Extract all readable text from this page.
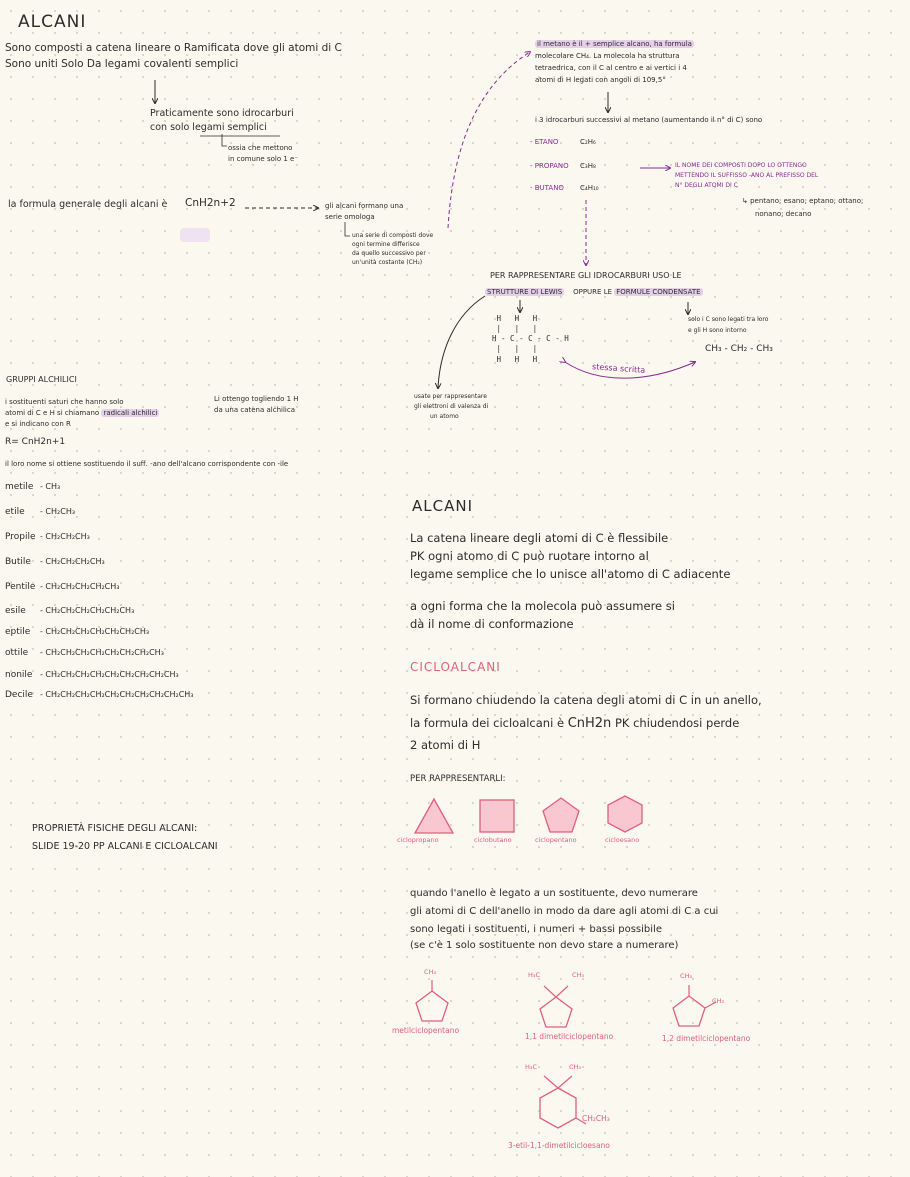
ALCANI
Sono composti a catena lineare o Ramificata dove gli atomi di C
Sono uniti Solo Da legami covalenti semplici
Praticamente sono idrocarburi
con solo legami semplici
ossia che mettono
in comune solo 1 e⁻
la formula generale degli alcani è CnH2n+2	gli alcani formano una
serie omologa
una serie di composti dove
ogni termine differisce
da quello successivo per
un'unità costante (CH₂)
GRUPPI ALCHILICI
i sostituenti saturi che hanno solo
atomi di C e H si chiamano radicali alchilici
e si indicano con R
Li ottengo togliendo 1 H
da una catena alchilica
R= CnH2n+1
il loro nome si ottiene sostituendo il suff. -ano dell'alcano corrispondente con -ile
metile - CH₃
etile - CH₂CH₃
Propile - CH₂CH₂CH₃
Butile - CH₂CH₂CH₂CH₃
Pentile - CH₂CH₂CH₂CH₂CH₃
esile - CH₂CH₂CH₂CH₂CH₂CH₃
eptile - CH₂CH₂CH₂CH₂CH₂CH₂CH₃
ottile - CH₂CH₂CH₂CH₂CH₂CH₂CH₂CH₃
nonile - CH₂CH₂CH₂CH₂CH₂CH₂CH₂CH₂CH₃
Decile - CH₂CH₂CH₂CH₂CH₂CH₂CH₂CH₂CH₂CH₃
PROPRIETÀ FISICHE DEGLI ALCANI:
SLIDE 19-20 PP ALCANI E CICLOALCANI
il metano è il + semplice alcano, ha formula
molecolare CH₄. La molecola ha struttura
tetraedrica, con il C al centro e ai vertici i 4
atomi di H legati con angoli di 109,5°
i 3 idrocarburi successivi al metano (aumentando il n° di C) sono
- ETANO	C₂H₆
- PROPANO C₃H₈
- BUTANO C₄H₁₀
IL NOME DEI COMPOSTI DOPO LO OTTENGO
METTENDO IL SUFFISSO -ANO AL PREFISSO DEL
N° DEGLI ATOMI DI C
↳ pentano; esano; eptano; ottano;
nonano; decano
PER RAPPRESENTARE GLI IDROCARBURI USO LE
STRUTTURE DI LEWIS OPPURE LE FORMULE CONDENSATE
H   H   H
|   |   |
H - C - C - C - H
|   |   |
H   H   H
usate per rappresentare
gli elettroni di valenza di
un atomo
solo i C sono legati tra loro
e gli H sono intorno
CH₃ - CH₂ - CH₃
stessa scritta
ALCANI
La catena lineare degli atomi di C è flessibile
PK ogni atomo di C può ruotare intorno al
legame semplice che lo unisce all'atomo di C adiacente
a ogni forma che la molecola può assumere si
dà il nome di conformazione
CICLOALCANI
Si formano chiudendo la catena degli atomi di C in un anello,
la formula dei cicloalcani è CnH2n PK chiudendosi perde
2 atomi di H
PER RAPPRESENTARLI:
ciclopropano	ciclobutano	ciclopentano	cicloesano
quando l'anello è legato a un sostituente, devo numerare
gli atomi di C dell'anello in modo da dare agli atomi di C a cui
sono legati i sostituenti, i numeri + bassi possibile
(se c'è 1 solo sostituente non devo stare a numerare)
CH₃
metilciclopentano
H₃C	CH₃
1,1 dimetilciclopentano
CH₃
CH₃
1,2 dimetilciclopentano
H₃C	CH₃
CH₂CH₃
3-etil-1,1-dimetilcicloesano
